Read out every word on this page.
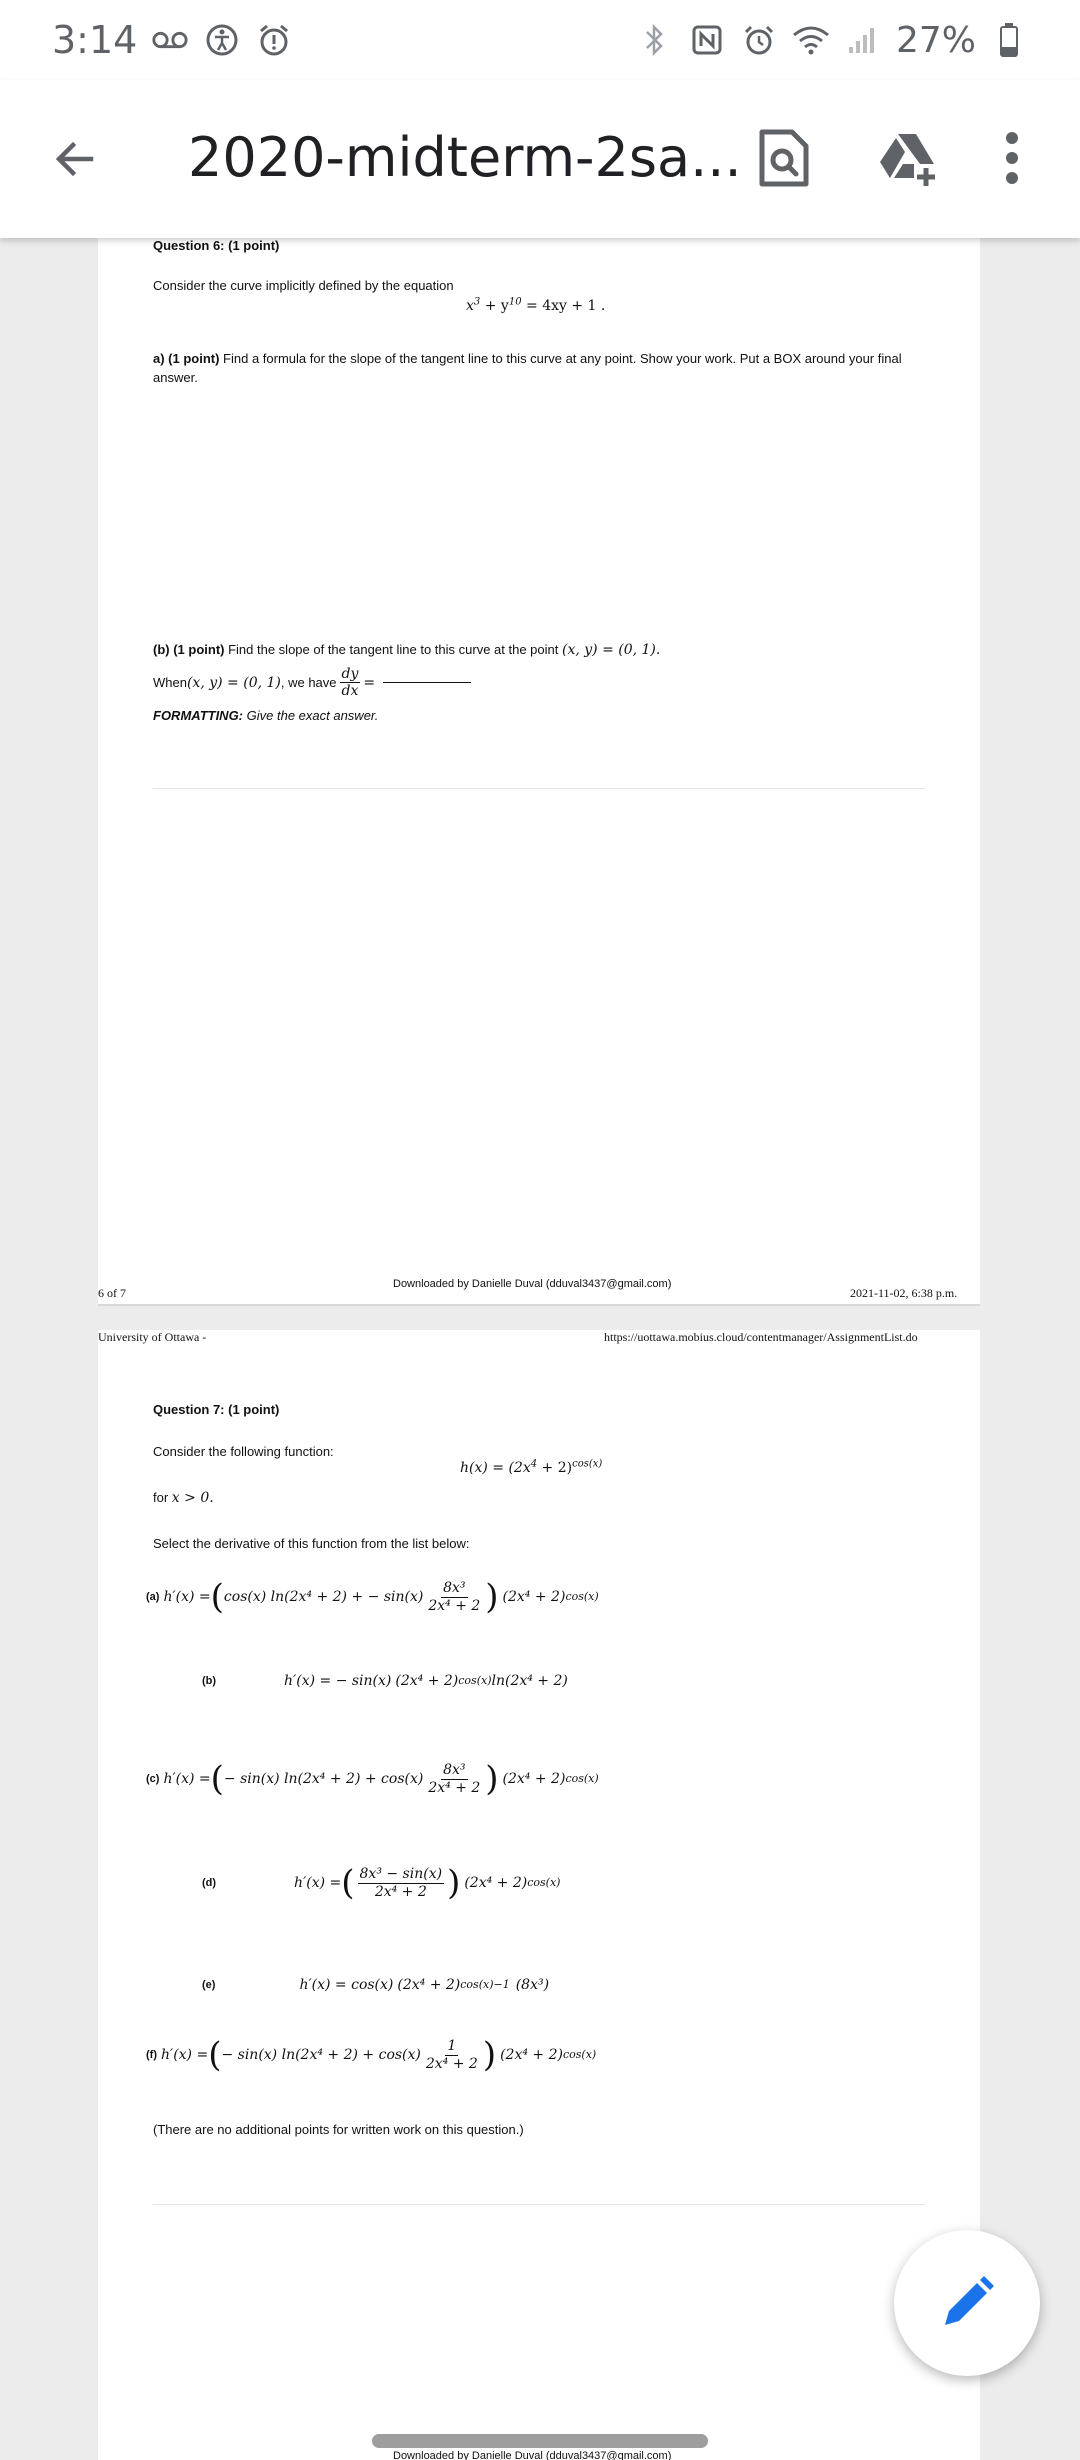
3:14	27%
2020-midterm-2sa...
Question 6: (1 point)
Consider the curve implicitly defined by the equation
$x^3 + y^{10} = 4xy + 1$ .
a) (1 point) Find a formula for the slope of the tangent line to this curve at any point. Show your work. Put a BOX around your final
answer.
(b) (1 point) Find the slope of the tangent line to this curve at the point (x, y) = (0, 1).
When (x, y) = (0, 1) , we have $\frac{dy}{dx}$ =
FORMATTING: Give the exact answer.
6 of 7
Downloaded by Danielle Duval (dduval3437@gmail.com)
2021-11-02, 6:38 p.m.
University of Ottawa -	https://uottawa.mobius.cloud/contentmanager/AssignmentList.do
Question 7: (1 point)
Consider the following function:
$h(x) = (2x^4 + 2)^{cos(x)}$
for x > 0.
Select the derivative of this function from the list below:
(a) h′(x) = ( cos(x) ln(2x⁴ + 2) + − $\sin(x) \frac{\text{8x³}}{\text{2x⁴ + 2}}$ ) (2x⁴ + 2) cos(x)
(b)	h′(x) = − sin(x) (2x⁴ + 2) cos(x) ln(2x⁴ + 2)
(c) h′(x) = ( − sin(x) $\ln(2x^4 + 2) + \cos(x) \frac{\text{8x³}}{\text{2x⁴ + 2}}$ ) (2x⁴ + 2) cos(x)
(d)	h′(x) = ( $\frac{\text{8x³ − sin(x)}}{\text{2x⁴ + 2}}$ ) (2x⁴ + 2) cos(x)
(e)	h′(x) = cos(x) (2x⁴ + 2) cos(x)−1 (8x³)
(f) h′(x) = ( − sin(x) $\ln(2x^4 + 2) + \cos(x) \frac{1}{\text{2x⁴ + 2}}$ ) (2x⁴ + 2) cos(x)
(There are no additional points for written work on this question.)
Downloaded by Danielle Duval (dduval3437@gmail.com)
